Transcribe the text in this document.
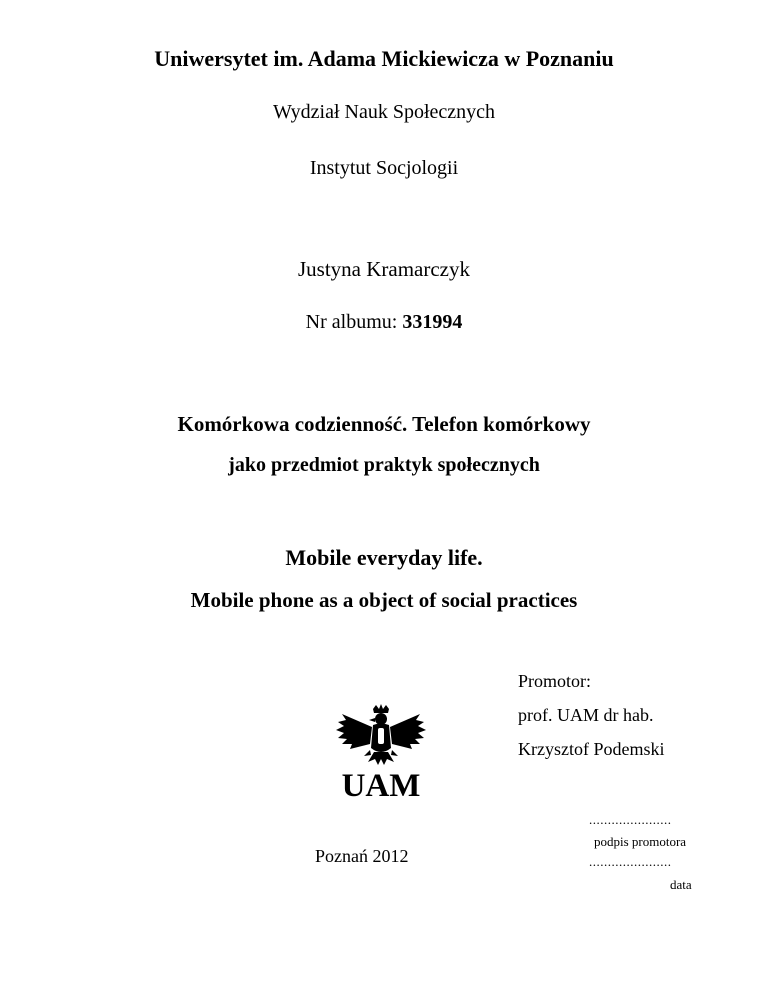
Uniwersytet im. Adama Mickiewicza w Poznaniu
Wydział Nauk Społecznych
Instytut Socjologii
Justyna Kramarczyk
Nr albumu: 331994
Komórkowa codzienność. Telefon komórkowy
jako przedmiot praktyk społecznych
Mobile everyday life.
Mobile phone as a object of social practices
Promotor:
prof. UAM dr hab.
Krzysztof Podemski
UAM
......................
podpis promotora
Poznań 2012	......................
data
